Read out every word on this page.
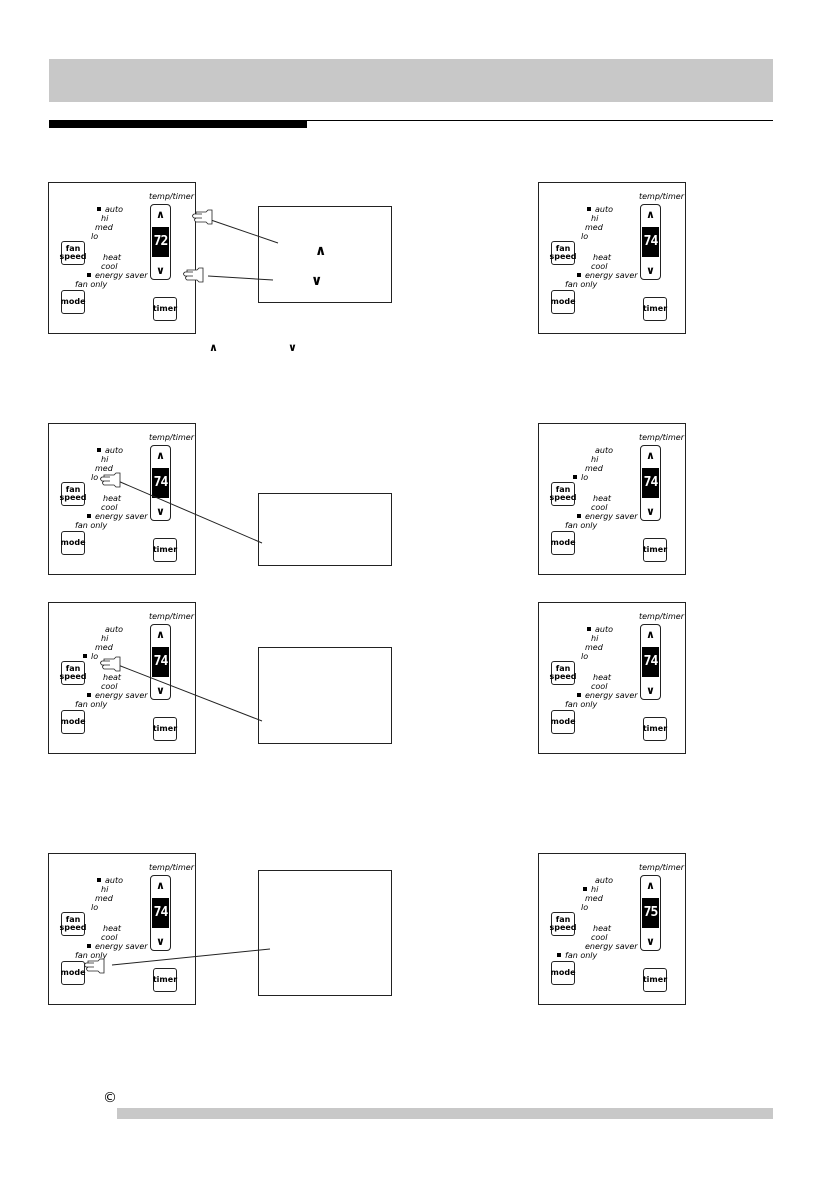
©
temp/timer
auto
hi
med
lo
heat
cool
energy saver
fan only
∧
72
∨
fan speed
mode
timer
temp/timer
auto
hi
med
lo
heat
cool
energy saver
fan only
∧
74
∨
fan speed
mode
timer
temp/timer
auto
hi
med
lo
heat
cool
energy saver
fan only
∧
74
∨
fan speed
mode
timer
temp/timer
auto
hi
med
lo
heat
cool
energy saver
fan only
∧
74
∨
fan speed
mode
timer
temp/timer
auto
hi
med
lo
heat
cool
energy saver
fan only
∧
74
∨
fan speed
mode
timer
temp/timer
auto
hi
med
lo
heat
cool
energy saver
fan only
∧
74
∨
fan speed
mode
timer
temp/timer
auto
hi
med
lo
heat
cool
energy saver
fan only
∧
74
∨
fan speed
mode
timer
temp/timer
auto
hi
med
lo
heat
cool
energy saver
fan only
∧
75
∨
fan speed
mode
timer
∧
∨
∧	∨
